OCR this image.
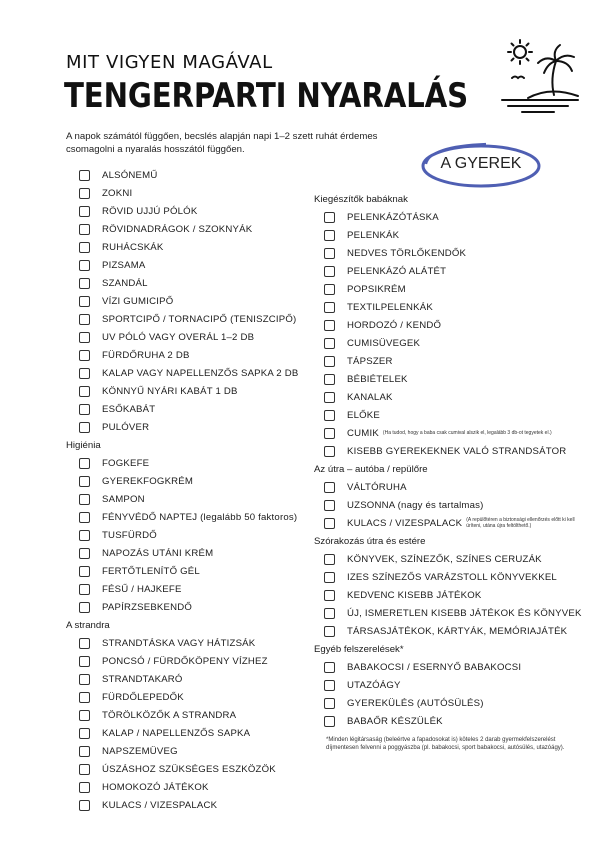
MIT VIGYEN MAGÁVAL
TENGERPARTI NYARALÁS
A napok számától függően, becslés alapján napi 1–2 szett ruhát érdemes csomagolni a nyaralás hosszától függően.
A GYEREK
ALSÓNEMŰ
ZOKNI
RÖVID UJJÚ PÓLÓK
RÖVIDNADRÁGOK / SZOKNYÁK
RUHÁCSKÁK
PIZSAMA
SZANDÁL
VÍZI GUMICIPŐ
SPORTCIPŐ / TORNACIPŐ (TENISZCIPŐ)
UV PÓLÓ VAGY OVERÁL 1–2 DB
FÜRDŐRUHA 2 DB
KALAP VAGY NAPELLENZŐS SAPKA 2 DB
KÖNNYŰ NYÁRI KABÁT 1 DB
ESŐKABÁT
PULÓVER
Higiénia
FOGKEFE
GYEREKFOGKRÉM
SAMPON
FÉNYVÉDŐ NAPTEJ (legalább 50 faktoros)
TUSFÜRDŐ
NAPOZÁS UTÁNI KRÉM
FERTŐTLENÍTŐ GÉL
FÉSŰ / HAJKEFE
PAPÍRZSEBKENDŐ
A strandra
STRANDTÁSKA VAGY HÁTIZSÁK
PONCSÓ / FÜRDŐKÖPENY VÍZHEZ
STRANDTAKARÓ
FÜRDŐLEPEDŐK
TÖRÖLKÖZŐK A STRANDRA
KALAP / NAPELLENZŐS SAPKA
NAPSZEMÜVEG
ÚSZÁSHOZ SZÜKSÉGES ESZKÖZÖK
HOMOKOZÓ JÁTÉKOK
KULACS / VIZESPALACK
Kiegészítők babáknak
PELENKÁZÓTÁSKA
PELENKÁK
NEDVES TÖRLŐKENDŐK
PELENKÁZÓ ALÁTÉT
POPSIKRÉM
TEXTILPELENKÁK
HORDOZÓ / KENDŐ
CUMISÜVEGEK
TÁPSZER
BÉBIÉTELEK
KANALAK
ELŐKE
CUMIK (Ha tudod, hogy a baba csak cumival alszik el, legalább 3 db-ot tegyetek el.)
KISEBB GYEREKEKNEK VALÓ STRANDSÁTOR
Az útra – autóba / repülőre
VÁLTÓRUHA
UZSONNA (nagy és tartalmas)
KULACS / VIZESPALACK (A repülőtéren a biztonsági ellenőrzés előtt ki kell üríteni, utána újra feltölthető.)
Szórakozás útra és estére
KÖNYVEK, SZÍNEZŐK, SZÍNES CERUZÁK
IZES SZÍNEZŐS VARÁZSTOLL KÖNYVEKKEL
KEDVENC KISEBB JÁTÉKOK
ÚJ, ISMERETLEN KISEBB JÁTÉKOK ÉS KÖNYVEK
TÁRSASJÁTÉKOK, KÁRTYÁK, MEMÓRIAJÁTÉK
Egyéb felszerelések*
BABAKOCSI / ESERNYŐ BABAKOCSI
UTAZÓÁGY
GYEREKÜLÉS (AUTÓSÜLÉS)
BABAŐR KÉSZÜLÉK
*Minden légitársaság (beleértve a fapadosokat is) köteles 2 darab gyermekfelszerelést díjmentesen felvenni a poggyászba (pl. babakocsi, sport babakocsi, autósülés, utazóágy).
